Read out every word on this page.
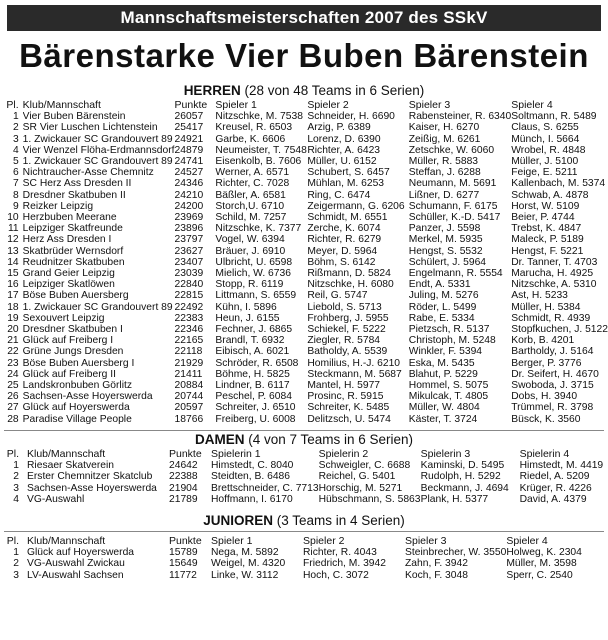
Mannschaftsmeisterschaften 2007 des SSkV
Bärenstarke Vier Buben Bärenstein
HERREN (28 von 48 Teams in 6 Serien)
Pl.	Klub/Mannschaft	Punkte	Spieler 1	Spieler 2	Spieler 3	Spieler 4
1	Vier Buben Bärenstein	26057	Nitzschke, M. 7538	Schneider, H. 6690	Rabensteiner, R. 6340	Soltmann, R. 5489
2	SR Vier Luschen Lichtenstein	25417	Kreusel, R. 6503	Arzig, P. 6389	Kaiser, H. 6270	Claus, S. 6255
3	1. Zwickauer SC Grandouvert 89	24921	Garbe, K. 6606	Lorenz, D. 6390	Zeißig, M. 6261	Münch, I. 5664
4	Vier Wenzel Flöha-Erdmannsdorf	24879	Neumeister, T. 7548	Richter, A. 6423	Zetschke, W. 6060	Wrobel, R. 4848
5	1. Zwickauer SC Grandouvert 89	24741	Eisenkolb, B. 7606	Müller, U. 6152	Müller, R. 5883	Müller, J. 5100
6	Nichtraucher-Asse Chemnitz	24527	Werner, A. 6571	Schubert, S. 6457	Steffan, J. 6288	Feige, E. 5211
7	SC Herz Ass Dresden II	24346	Richter, C. 7028	Mühlan, M. 6253	Neumann, M. 5691	Kallenbach, M. 5374
8	Dresdner Skatbuben II	24210	Bäßler, A. 6581	Ring, C. 6474	Lißner, D. 6277	Schwab, A. 4878
9	Reizker Leipzig	24200	Storch,U. 6710	Zeigermann, G. 6206	Schumann, F. 6175	Horst, W. 5109
10	Herzbuben Meerane	23969	Schild, M. 7257	Schmidt, M. 6551	Schüller, K.-D. 5417	Beier, P. 4744
11	Leipziger Skatfreunde	23896	Nitzschke, K. 7377	Zerche, K. 6074	Panzer, J. 5598	Trebst, K. 4847
12	Herz Ass Dresden I	23797	Vogel, W. 6394	Richter, R. 6279	Merkel, M. 5935	Maleck, P. 5189
13	Skatbrüder Wernsdorf	23627	Bräuer, J. 6910	Meyer, D. 5964	Hengst, S. 5532	Hengst, F. 5221
14	Reudnitzer Skatbuben	23407	Ulbricht, U. 6598	Böhm, S. 6142	Schülert, J. 5964	Dr. Tanner, T. 4703
15	Grand Geier Leipzig	23039	Mielich, W. 6736	Rißmann, D. 5824	Engelmann, R. 5554	Marucha, H. 4925
16	Leipziger Skatlöwen	22840	Stopp, R. 6119	Nitzschke, H. 6080	Endt, A. 5331	Nitzschke, A. 5310
17	Böse Buben Auersberg	22815	Littmann, S. 6559	Reil, G. 5747	Juling, M. 5276	Ast, H. 5233
18	1. Zwickauer SC Grandouvert 89	22492	Kühn, I. 5896	Liebold, S. 5713	Röder, L. 5499	Müller, H. 5384
19	Sexouvert Leipzig	22383	Heun, J. 6155	Frohberg, J. 5955	Rabe, E. 5334	Schmidt, R. 4939
20	Dresdner Skatbuben I	22346	Fechner, J. 6865	Schiekel, F. 5222	Pietzsch, R. 5137	Stopfkuchen, J. 5122
21	Glück auf Freiberg I	22165	Brandl, T. 6932	Ziegler, R. 5784	Christoph, M. 5248	Korb, B. 4201
22	Grüne Jungs Dresden	22118	Eibisch, A. 6021	Batholdy, A. 5539	Winkler, F. 5394	Bartholdy, J. 5164
23	Böse Buben Auersberg I	21929	Schröder, R. 6508	Homilius, H.-J. 6210	Eska, M. 5435	Berger, P. 3776
24	Glück auf Freiberg II	21411	Böhme, H. 5825	Steckmann, M. 5687	Blahut, P. 5229	Dr. Seifert, H. 4670
25	Landskronbuben Görlitz	20884	Lindner, B. 6117	Mantel, H. 5977	Hommel, S. 5075	Swoboda, J. 3715
26	Sachsen-Asse Hoyerswerda	20744	Peschel, P. 6084	Prosinc, R. 5915	Mikulcak, T. 4805	Dobs, H. 3940
27	Glück auf Hoyerswerda	20597	Schreiter, J. 6510	Schreiter, K. 5485	Müller, W. 4804	Trümmel, R. 3798
28	Paradise Village People	18766	Freiberg, U. 6008	Delitzsch, U. 5474	Käster, T. 3724	Büsck, K. 3560
DAMEN (4 von 7 Teams in 6 Serien)
Pl.	Klub/Mannschaft	Punkte	Spielerin 1	Spielerin 2	Spielerin 3	Spielerin 4
1	Riesaer Skatverein	24642	Himstedt, C. 8040	Schweigler, C. 6688	Kaminski, D. 5495	Himstedt, M. 4419
2	Erster Chemnitzer Skatclub	22388	Steidten, B. 6486	Reichel, G. 5401	Rudolph, H. 5292	Riedel, A. 5209
3	Sachsen-Asse Hoyerswerda	21904	Brettschneider, C. 7713	Horschig, M. 5271	Beckmann, J. 4694	Krüger, R. 4226
4	VG-Auswahl	21789	Hoffmann, I. 6170	Hübschmann, S. 5863	Plank, H. 5377	David, A. 4379
JUNIOREN (3 Teams in 4 Serien)
Pl.	Klub/Mannschaft	Punkte	Spieler 1	Spieler 2	Spieler 3	Spieler 4
1	Glück auf Hoyerswerda	15789	Nega, M. 5892	Richter, R. 4043	Steinbrecher, W. 3550	Holweg, K. 2304
2	VG-Auswahl Zwickau	15649	Weigel, M. 4320	Friedrich, M. 3942	Zahn, F. 3942	Müller, M. 3598
3	LV-Auswahl Sachsen	11772	Linke, W. 3112	Hoch, C. 3072	Koch, F. 3048	Sperr, C. 2540
